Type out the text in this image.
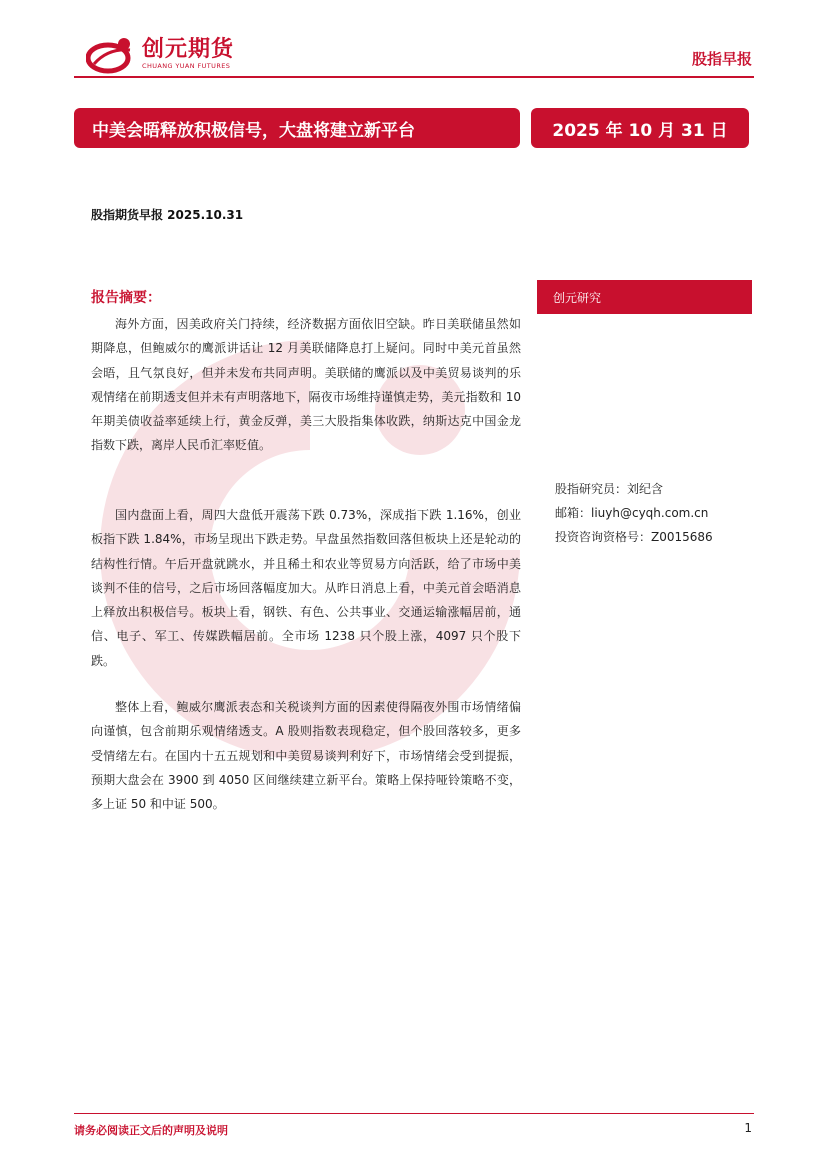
创元期货
CHUANG YUAN FUTURES	股指早报
中美会晤释放积极信号，大盘将建立新平台	2025 年 10 月 31 日
股指期货早报 2025.10.31
创元研究
股指研究员：刘纪含
邮箱：liuyh@cyqh.com.cn
投资咨询资格号：Z0015686
报告摘要：

海外方面，因美政府关门持续，经济数据方面依旧空缺。昨日美联储虽然如期降息，但鲍威尔的鹰派讲话让 12 月美联储降息打上疑问。同时中美元首虽然会晤，且气氛良好，但并未发布共同声明。美联储的鹰派以及中美贸易谈判的乐观情绪在前期透支但并未有声明落地下，隔夜市场维持谨慎走势，美元指数和 10 年期美债收益率延续上行，黄金反弹，美三大股指集体收跌，纳斯达克中国金龙指数下跌，离岸人民币汇率贬值。

国内盘面上看，周四大盘低开震荡下跌 0.73%，深成指下跌 1.16%，创业板指下跌 1.84%，市场呈现出下跌走势。早盘虽然指数回落但板块上还是轮动的结构性行情。午后开盘就跳水，并且稀土和农业等贸易方向活跃，给了市场中美谈判不佳的信号，之后市场回落幅度加大。从昨日消息上看，中美元首会晤消息上释放出积极信号。板块上看，钢铁、有色、公共事业、交通运输涨幅居前，通信、电子、军工、传媒跌幅居前。全市场 1238 只个股上涨，4097 只个股下跌。

整体上看，鲍威尔鹰派表态和关税谈判方面的因素使得隔夜外围市场情绪偏向谨慎，包含前期乐观情绪透支。A 股则指数表现稳定，但个股回落较多，更多受情绪左右。在国内十五五规划和中美贸易谈判利好下，市场情绪会受到提振，预期大盘会在 3900 到 4050 区间继续建立新平台。策略上保持哑铃策略不变，多上证 50 和中证 500。

请务必阅读正文后的声明及说明	1
